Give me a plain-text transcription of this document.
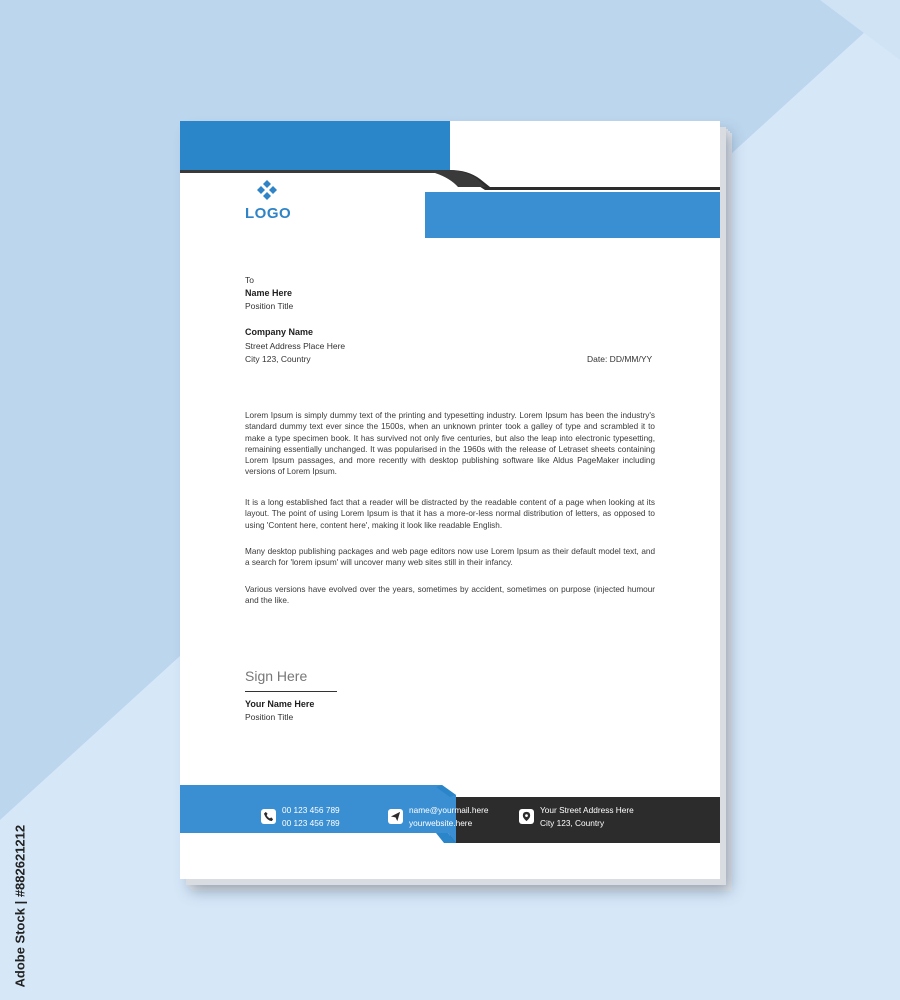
LOGO
To
Name Here
Position Title
Company Name
Street Address Place Here
City 123, Country	Date: DD/MM/YY

Lorem Ipsum is simply dummy text of the printing and typesetting industry. Lorem Ipsum has been the industry's standard dummy text ever since the 1500s, when an unknown printer took a galley of type and scrambled it to make a type specimen book. It has survived not only five centuries, but also the leap into electronic typesetting, remaining essentially unchanged. It was popularised in the 1960s with the release of Letraset sheets containing Lorem Ipsum passages, and more recently with desktop publishing software like Aldus PageMaker including versions of Lorem Ipsum.

It is a long established fact that a reader will be distracted by the readable content of a page when looking at its layout. The point of using Lorem Ipsum is that it has a more-or-less normal distribution of letters, as opposed to using 'Content here, content here', making it look like readable English.

Many desktop publishing packages and web page editors now use Lorem Ipsum as their default model text, and a search for 'lorem ipsum' will uncover many web sites still in their infancy.

Various versions have evolved over the years, sometimes by accident, sometimes on purpose (injected humour and the like.

Sign Here
Your Name Here
Position Title
00 123 456 789
00 123 456 789
name@yourmail.here
yourwebsite.here
Your Street Address Here
City 123, Country
Adobe Stock | #882621212
